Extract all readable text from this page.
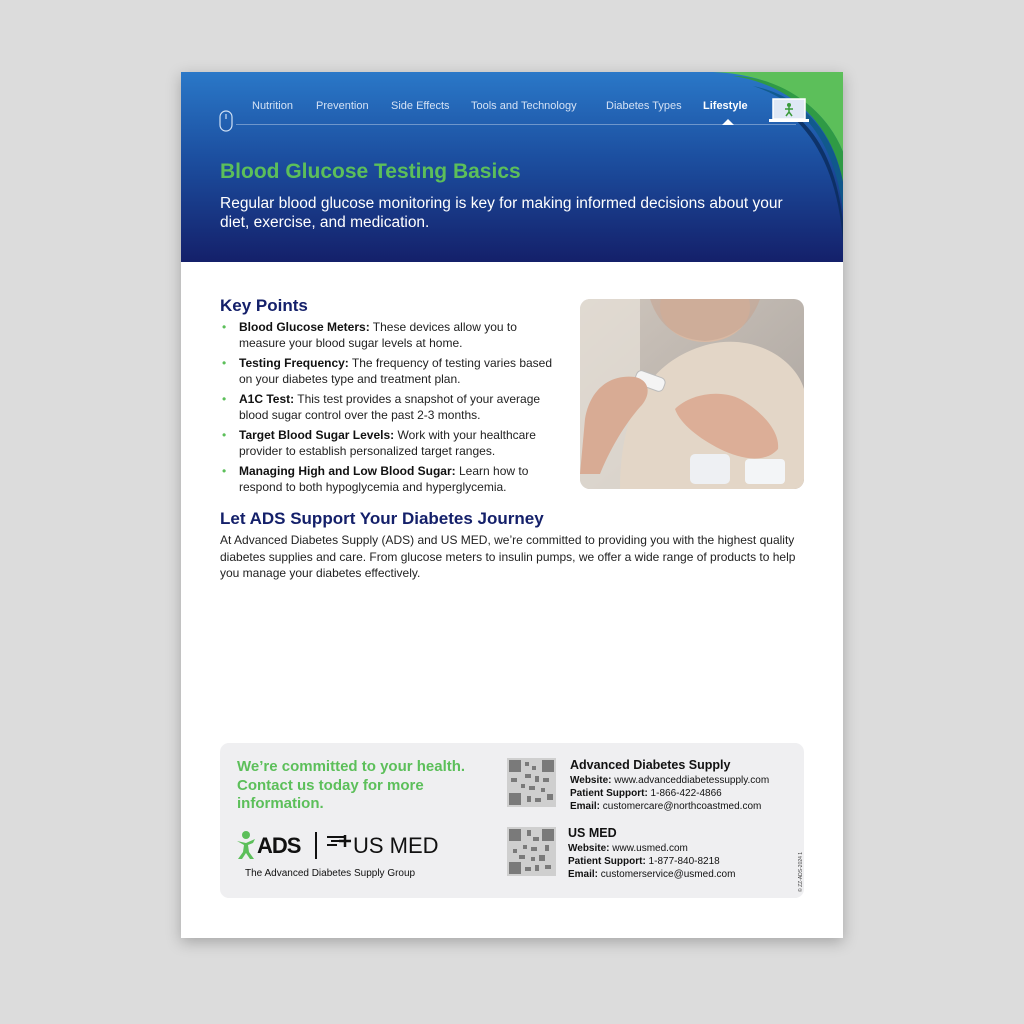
Nutrition Prevention Side Effects Tools and Technology	Diabetes Types Lifestyle
Blood Glucose Testing Basics
Regular blood glucose monitoring is key for making informed decisions about your diet, exercise, and medication.
Key Points
• Blood Glucose Meters: These devices allow you to measure your blood sugar levels at home.
• Testing Frequency: The frequency of testing varies based on your diabetes type and treatment plan.
• A1C Test: This test provides a snapshot of your average blood sugar control over the past 2-3 months.
• Target Blood Sugar Levels: Work with your healthcare provider to establish personalized target ranges.
• Managing High and Low Blood Sugar: Learn how to respond to both hypoglycemia and hyperglycemia.
Let ADS Support Your Diabetes Journey
At Advanced Diabetes Supply (ADS) and US MED, we’re committed to providing you with the highest quality diabetes supplies and care. From glucose meters to insulin pumps, we offer a wide range of products to help you manage your diabetes effectively.
We’re committed to your health. Contact us today for more information.
ADS US MED
The Advanced Diabetes Supply Group
Advanced Diabetes Supply
Website: www.advanceddiabetessupply.com
Patient Support: 1-866-422-4866
Email: customercare@northcoastmed.com
US MED
Website: www.usmed.com
Patient Support: 1-877-840-8218
Email: customerservice@usmed.com	© ZZ-ADS-2024 1
